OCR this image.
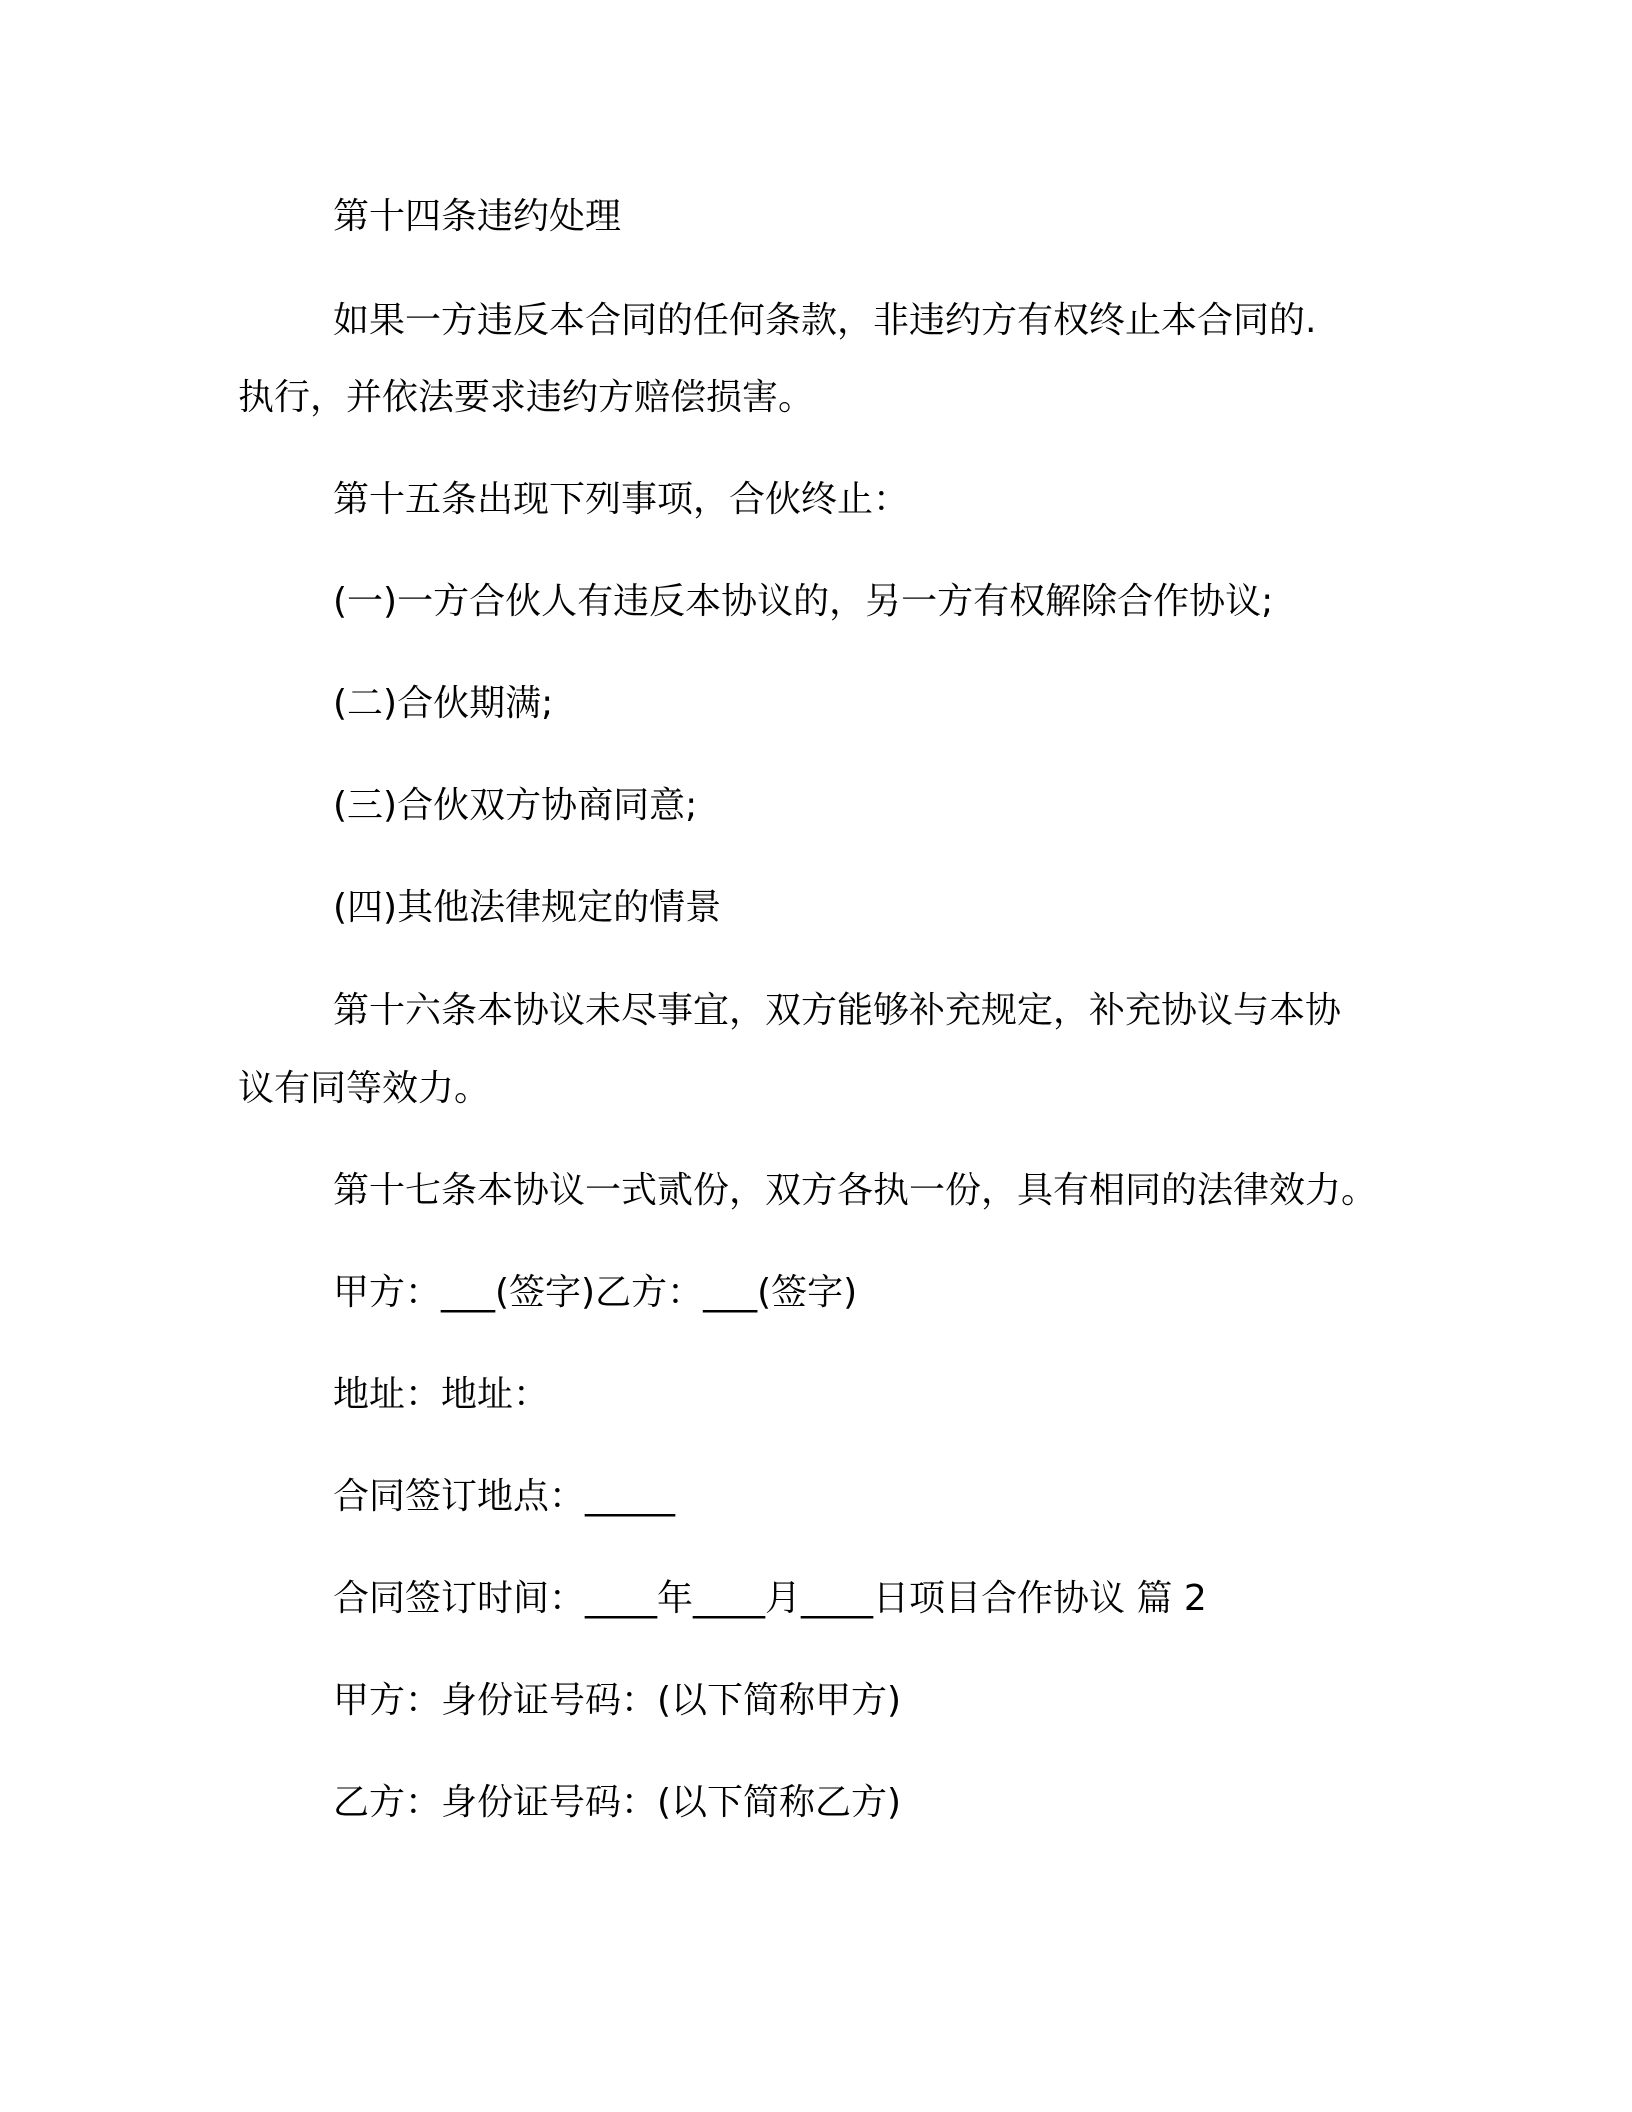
第十四条违约处理

如果一方违反本合同的任何条款，非违约方有权终止本合同的.

执行，并依法要求违约方赔偿损害。

第十五条出现下列事项，合伙终止：

(一)一方合伙人有违反本协议的，另一方有权解除合作协议;

(二)合伙期满;

(三)合伙双方协商同意;

(四)其他法律规定的情景

第十六条本协议未尽事宜，双方能够补充规定，补充协议与本协

议有同等效力。

第十七条本协议一式贰份，双方各执一份，具有相同的法律效力。

甲方：___(签字)乙方：___(签字)

地址：地址：

合同签订地点：_____

合同签订时间：____年____月____日项目合作协议 篇 2

甲方：身份证号码：(以下简称甲方)

乙方：身份证号码：(以下简称乙方)
